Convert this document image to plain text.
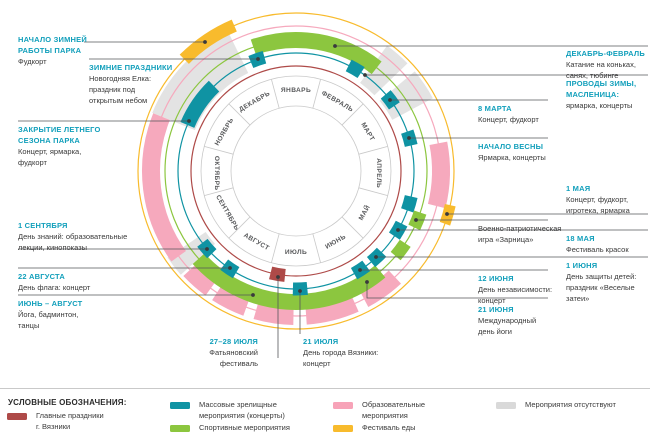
ЯНВАРЬ ФЕВРАЛЬ
МАРТ
АПРЕЛЬ
МАЙ
ИЮНЬ
ИЮЛЬ
АВГУСТ
СЕНТЯБРЬ
ОКТЯБРЬ
НОЯБРЬ
ДЕКАБРЬ
НАЧАЛО ЗИМНЕЙ
РАБОТЫ ПАРКА
Фудкорт
ЗИМНИЕ ПРАЗДНИКИ
Новогодняя Елка:
праздник под
открытым небом
ЗАКРЫТИЕ ЛЕТНЕГО
СЕЗОНА ПАРКА
Концерт, ярмарка,
фудкорт
1 СЕНТЯБРЯ
День знаний: образовательные
лекции, кинопоказы
22 АВГУСТА
День флага: концерт
ИЮНЬ – АВГУСТ
Йога, бадминтон,
танцы
27–28 ИЮЛЯ
Фатьяновский
фестиваль
21 ИЮЛЯ
День города Вязники:
концерт
ДЕКАБРЬ-ФЕВРАЛЬ
Катание на коньках,
санях, тюбинге
ПРОВОДЫ ЗИМЫ,
МАСЛЕНИЦА:
ярмарка, концерты
8 МАРТА
Концерт, фудкорт
НАЧАЛО ВЕСНЫ
Ярмарка, концерты
1 МАЯ
Концерт, фудкорт,
игротека, ярмарка
Военно-патриотическая
игра «Зарница»	18 МАЯ
Фестиваль красок
1 ИЮНЯ
День защиты детей:
праздник «Веселые
затеи»
12 ИЮНЯ
День независимости:
концерт
21 ИЮНЯ
Международный
день йоги
УСЛОВНЫЕ ОБОЗНАЧЕНИЯ:
Главные праздники
г. Вязники
Массовые зрелищные
мероприятия (концерты)
Спортивные мероприятия
Образовательные
мероприятия
Фестиваль еды
Мероприятия отсутствуют
